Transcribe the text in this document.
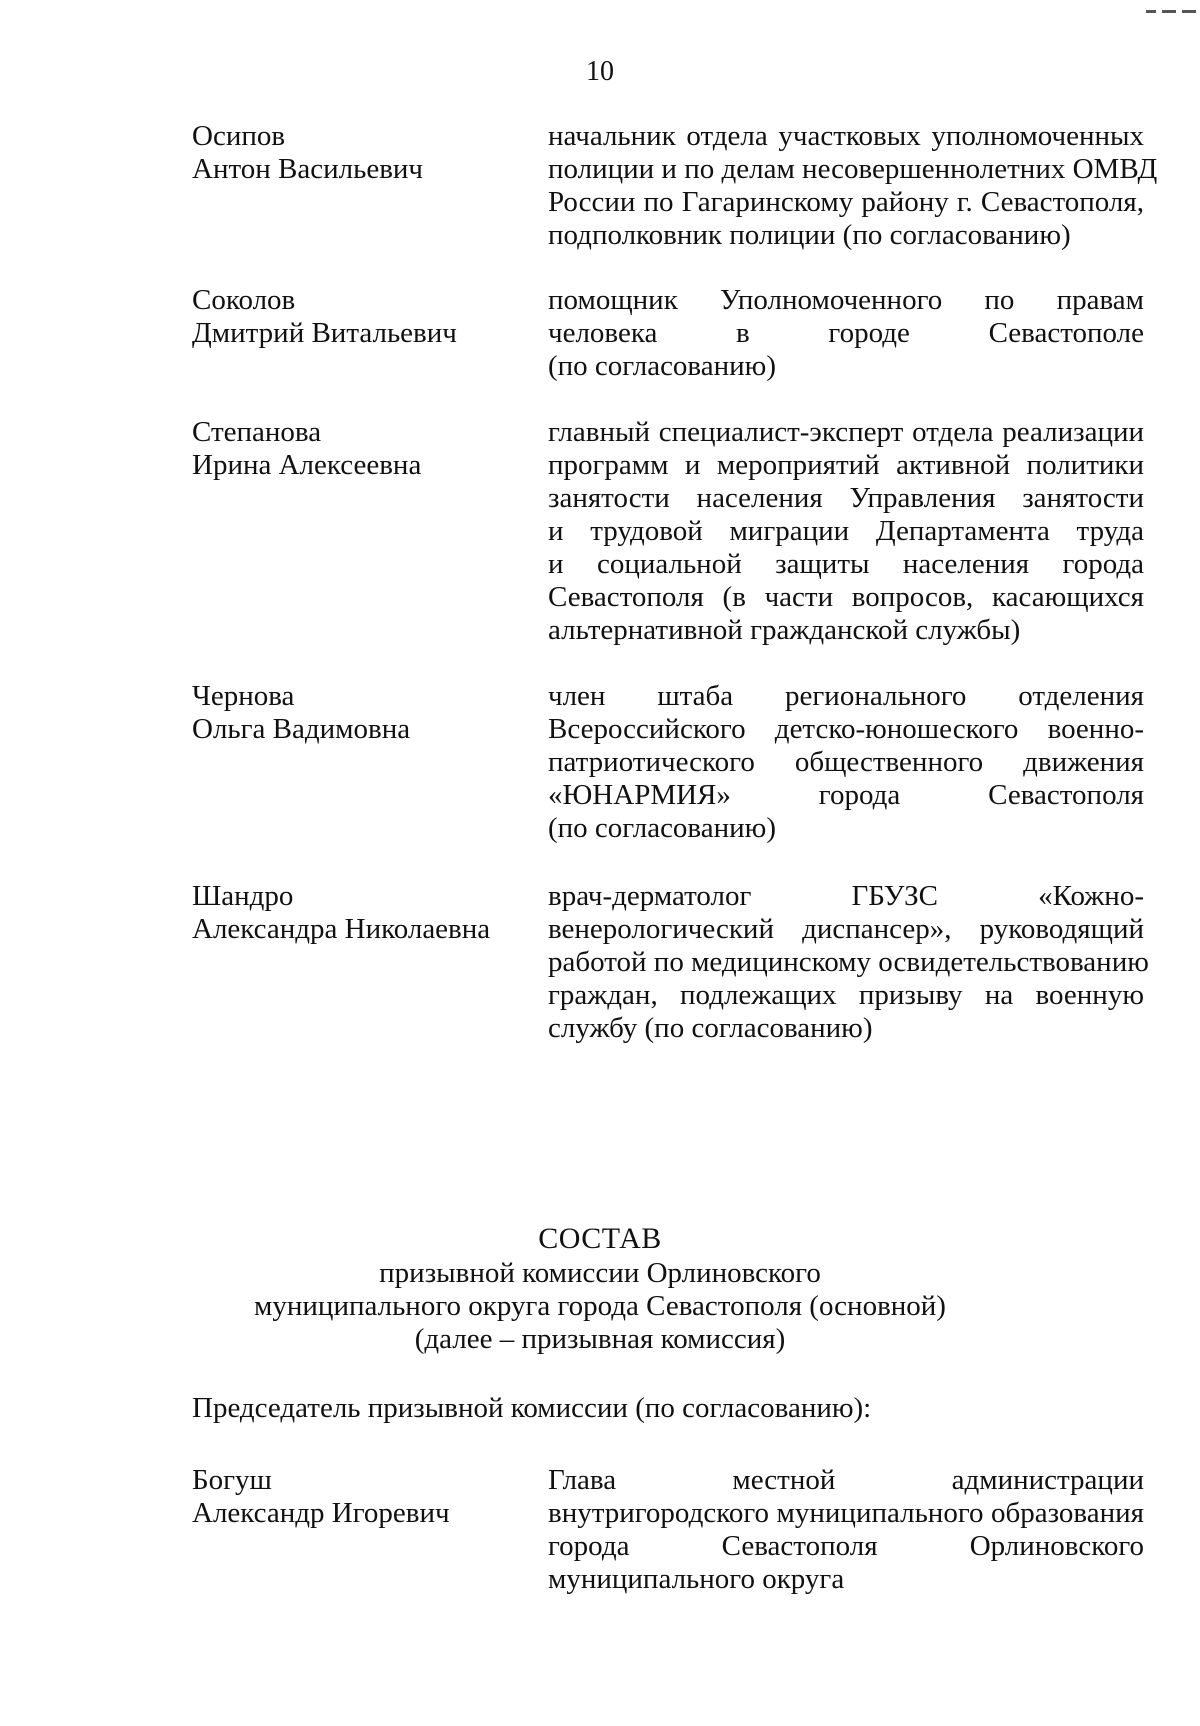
10
Осипов
Антон Васильевич
начальник отдела участковых уполномоченных
полиции и по делам несовершеннолетних ОМВД
России по Гагаринскому району г. Севастополя,
подполковник полиции (по согласованию)
Соколов
Дмитрий Витальевич
помощник Уполномоченного по правам
человека в городе Севастополе
(по согласованию)
Степанова
Ирина Алексеевна
главный специалист-эксперт отдела реализации
программ и мероприятий активной политики
занятости населения Управления занятости
и трудовой миграции Департамента труда
и социальной защиты населения города
Севастополя (в части вопросов, касающихся
альтернативной гражданской службы)
Чернова
Ольга Вадимовна
член штаба регионального отделения
Всероссийского детско-юношеского военно-
патриотического общественного движения
«ЮНАРМИЯ» города Севастополя
(по согласованию)
Шандро
Александра Николаевна
врач-дерматолог ГБУЗС «Кожно-
венерологический диспансер», руководящий
работой по медицинскому освидетельствованию
граждан, подлежащих призыву на военную
службу (по согласованию)
СОСТАВ
призывной комиссии Орлиновского
муниципального округа города Севастополя (основной)
(далее – призывная комиссия)
Председатель призывной комиссии (по согласованию):
Богуш
Александр Игоревич
Глава местной администрации
внутригородского муниципального образования
города Севастополя Орлиновского
муниципального округа
